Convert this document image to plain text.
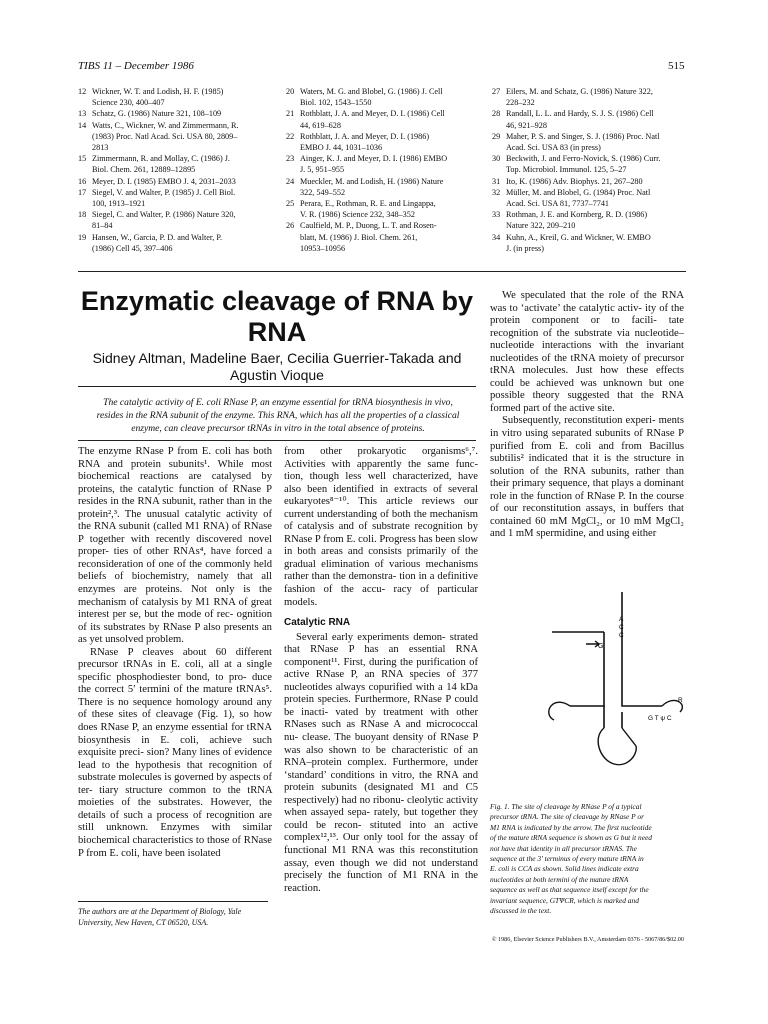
TIBS 11 – December 1986	515
12 Wickner, W. T. and Lodish, H. F. (1985)
Science 230, 400–407
13 Schatz, G. (1986) Nature 321, 108–109
14 Watts, C., Wickner, W. and Zimmermann, R.
(1983) Proc. Natl Acad. Sci. USA 80, 2809–
2813
15 Zimmermann, R. and Mollay, C. (1986) J.
Biol. Chem. 261, 12889–12895
16 Meyer, D. I. (1985) EMBO J. 4, 2031–2033
17 Siegel, V. and Walter, P. (1985) J. Cell Biol.
100, 1913–1921
18 Siegel, C. and Walter, P. (1986) Nature 320,
81–84
19 Hansen, W., Garcia, P. D. and Walter, P.
(1986) Cell 45, 397–406
20 Waters, M. G. and Blobel, G. (1986) J. Cell
Biol. 102, 1543–1550
21 Rothblatt, J. A. and Meyer, D. I. (1986) Cell
44, 619–628
22 Rothblatt, J. A. and Meyer, D. I. (1986)
EMBO J. 44, 1031–1036
23 Ainger, K. J. and Meyer, D. I. (1986) EMBO
J. 5, 951–955
24 Mueckler, M. and Lodish, H. (1986) Nature
322, 549–552
25 Perara, E., Rothman, R. E. and Lingappa,
V. R. (1986) Science 232, 348–352
26 Caulfield, M. P., Duong, L. T. and Rosen-
blatt, M. (1986) J. Biol. Chem. 261,
10953–10956
27 Eilers, M. and Schatz, G. (1986) Nature 322,
228–232
28 Randall, L. L. and Hardy, S. J. S. (1986) Cell
46, 921–928
29 Maher, P. S. and Singer, S. J. (1986) Proc. Natl
Acad. Sci. USA 83 (in press)
30 Beckwith, J. and Ferro-Novick, S. (1986) Curr.
Top. Microbiol. Immunol. 125, 5–27
31 Ito, K. (1986) Adv. Biophys. 21, 267–280
32 Müller, M. and Blobel, G. (1984) Proc. Natl
Acad. Sci. USA 81, 7737–7741
33 Rothman, J. E. and Kornberg, R. D. (1986)
Nature 322, 209–210
34 Kuhn, A., Kreil, G. and Wickner, W. EMBO
J. (in press)
Enzymatic cleavage of RNA by
RNA
Sidney Altman, Madeline Baer, Cecilia Guerrier-Takada and
Agustin Vioque
The catalytic activity of E. coli RNase P, an enzyme essential for tRNA biosynthesis in vivo,
resides in the RNA subunit of the enzyme. This RNA, which has all the properties of a classical
enzyme, can cleave precursor tRNAs in vitro in the total absence of proteins.

The enzyme RNase P from E. coli has both RNA and protein subunits¹. While most biochemical reactions are catalysed by proteins, the catalytic function of RNase P resides in the RNA subunit, rather than in the protein²,³. The unusual catalytic activity of the RNA subunit (called M1 RNA) of RNase P together with recently discovered novel proper- ties of other RNAs⁴, have forced a reconsideration of one of the commonly held beliefs of biochemistry, namely that all enzymes are proteins. Not only is the mechanism of catalysis by M1 RNA of great interest per se, but the mode of rec- ognition of its substrates by RNase P also presents an as yet unsolved problem.

RNase P cleaves about 60 different precursor tRNAs in E. coli, all at a single specific phosphodiester bond, to pro- duce the correct 5′ termini of the mature tRNAs⁵. There is no sequence homology around any of these sites of cleavage (Fig. 1), so how does RNase P, an enzyme essential for tRNA biosynthesis in E. coli, achieve such exquisite preci- sion? Many lines of evidence lead to the hypothesis that recognition of substrate molecules is governed by aspects of ter- tiary structure common to the tRNA moieties of the substrates. However, the details of such a process of recognition are still unknown. Enzymes with similar biochemical characteristics to those of RNase P from E. coli, have been isolated

from other prokaryotic organisms⁶,⁷. Activities with apparently the same func- tion, though less well characterized, have also been identified in extracts of several eukaryotes⁸⁻¹⁰. This article reviews our current understanding of both the mechanism of catalysis and of substrate recognition by RNase P from E. coli. Progress has been slow in both areas and consists primarily of the gradual elimination of various mechanisms rather than the demonstra- tion in a definitive fashion of the accu- racy of particular models.

Catalytic RNA

Several early experiments demon- strated that RNase P has an essential RNA component¹¹. First, during the purification of active RNase P, an RNA species of 377 nucleotides always copurified with a 14 kDa protein species. Furthermore, RNase P could be inacti- vated by treatment with other RNases such as RNase A and micrococcal nu- clease. The buoyant density of RNase P was also shown to be characteristic of an RNA–protein complex. Furthermore, under ‘standard’ conditions in vitro, the RNA and protein subunits (designated M1 and C5 respectively) had no ribonu- cleolytic activity when assayed sepa- rately, but together they could be recon- stituted into an active complex¹²,¹³. Our only tool for the assay of functional M1 RNA was this reconstitution assay, even though we did not understand precisely the function of M1 RNA in the reaction.

We speculated that the role of the RNA was to ‘activate’ the catalytic activ- ity of the protein component or to facili- tate recognition of the substrate via nucleotide–nucleotide interactions with the invariant nucleotides of the tRNA moiety of precursor tRNA molecules. Just how these effects could be achieved was unknown but one possible theory suggested that the RNA formed part of the active site.

Subsequently, reconstitution experi- ments in vitro using separated subunits of RNase P purified from E. coli and from Bacillus subtilis² indicated that it is the structure in solution of the RNA subunits, rather than their primary sequence, that plays a dominant role in the function of RNase P. In the course of our reconstitution assays, in buffers that contained 60 mM MgCl₂, or 10 mM MgCl₂ and 1 mM spermidine, and using either

The authors are at the Department of Biology, Yale
University, New Haven, CT 06520, USA.
G
A
C
C
R
G T ψ C
Fig. 1. The site of cleavage by RNase P of a typical
precursor tRNA. The site of cleavage by RNase P or
M1 RNA is indicated by the arrow. The first nucleotide
of the mature tRNA sequence is shown as G but it need
not have that identity in all precursor tRNAS. The
sequence at the 3′ terminus of every mature tRNA in
E. coli is CCA as shown. Solid lines indicate extra
nucleotides at both termini of the mature tRNA
sequence as well as that sequence itself except for the
invariant sequence, GTΨCR, which is marked and
discussed in the text.
© 1986, Elsevier Science Publishers B.V., Amsterdam 0376 - 5067/86/$02.00
